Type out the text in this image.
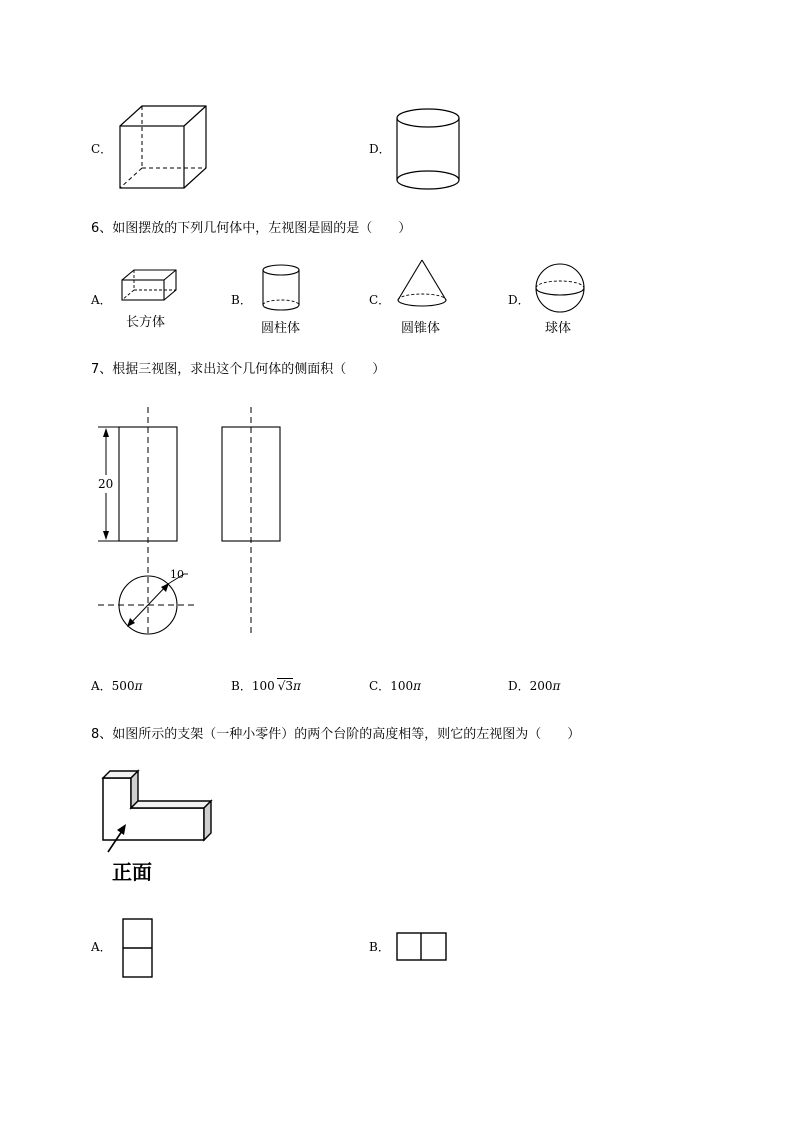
C．	D．
6、如图摆放的下列几何体中，左视图是圆的是（　　）
A．
长方体
B．
圆柱体
C．
圆锥体
D．
球体
7、根据三视图，求出这个几何体的侧面积（　　）
20
10
A．500π	B．100 √3π	C．100π	D．200π
8、如图所示的支架（一种小零件）的两个台阶的高度相等，则它的左视图为（　　）
正面
A．	B．
